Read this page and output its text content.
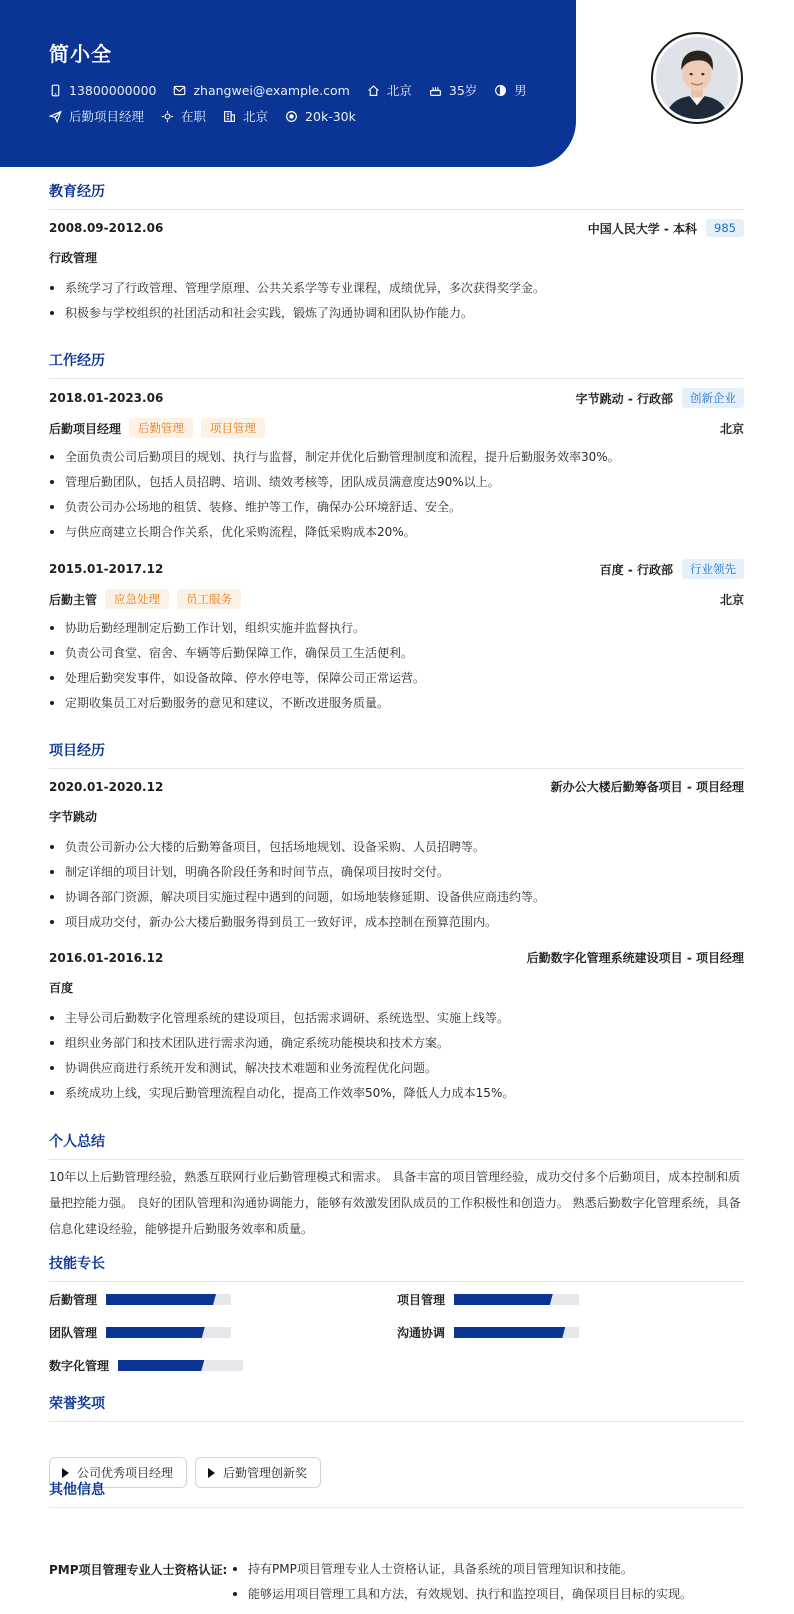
简小全
13800000000	zhangwei@example.com	北京	35岁	男
后勤项目经理	在职	北京	20k-30k
教育经历
2008.09-2012.06	中国人民大学 - 本科	985
行政管理
系统学习了行政管理、管理学原理、公共关系学等专业课程，成绩优异，多次获得奖学金。
积极参与学校组织的社团活动和社会实践，锻炼了沟通协调和团队协作能力。
工作经历
2018.01-2023.06	字节跳动 - 行政部	创新企业
后勤项目经理	后勤管理	项目管理	北京
全面负责公司后勤项目的规划、执行与监督，制定并优化后勤管理制度和流程，提升后勤服务效率30%。
管理后勤团队，包括人员招聘、培训、绩效考核等，团队成员满意度达90%以上。
负责公司办公场地的租赁、装修、维护等工作，确保办公环境舒适、安全。
与供应商建立长期合作关系，优化采购流程，降低采购成本20%。
2015.01-2017.12	百度 - 行政部	行业领先
后勤主管	应急处理	员工服务	北京
协助后勤经理制定后勤工作计划，组织实施并监督执行。
负责公司食堂、宿舍、车辆等后勤保障工作，确保员工生活便利。
处理后勤突发事件，如设备故障、停水停电等，保障公司正常运营。
定期收集员工对后勤服务的意见和建议，不断改进服务质量。
项目经历
2020.01-2020.12	新办公大楼后勤筹备项目 - 项目经理
字节跳动
负责公司新办公大楼的后勤筹备项目，包括场地规划、设备采购、人员招聘等。
制定详细的项目计划，明确各阶段任务和时间节点，确保项目按时交付。
协调各部门资源，解决项目实施过程中遇到的问题，如场地装修延期、设备供应商违约等。
项目成功交付，新办公大楼后勤服务得到员工一致好评，成本控制在预算范围内。
2016.01-2016.12	后勤数字化管理系统建设项目 - 项目经理
百度
主导公司后勤数字化管理系统的建设项目，包括需求调研、系统选型、实施上线等。
组织业务部门和技术团队进行需求沟通，确定系统功能模块和技术方案。
协调供应商进行系统开发和测试，解决技术难题和业务流程优化问题。
系统成功上线，实现后勤管理流程自动化，提高工作效率50%，降低人力成本15%。
个人总结
10年以上后勤管理经验，熟悉互联网行业后勤管理模式和需求。 具备丰富的项目管理经验，成功交付多个后勤项目，成本控制和质
量把控能力强。 良好的团队管理和沟通协调能力，能够有效激发团队成员的工作积极性和创造力。 熟悉后勤数字化管理系统，具备
信息化建设经验，能够提升后勤服务效率和质量。
技能专长
后勤管理	项目管理
团队管理	沟通协调
数字化管理
荣誉奖项
公司优秀项目经理	后勤管理创新奖
其他信息
PMP项目管理专业人士资格认证:	持有PMP项目管理专业人士资格认证，具备系统的项目管理知识和技能。
能够运用项目管理工具和方法，有效规划、执行和监控项目，确保项目目标的实现。
